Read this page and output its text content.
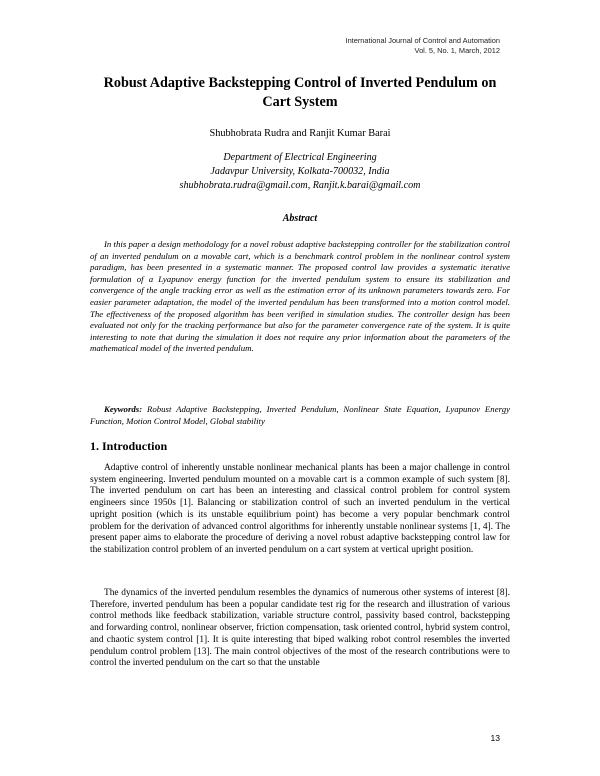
International Journal of Control and Automation
Vol. 5, No. 1, March, 2012
Robust Adaptive Backstepping Control of Inverted Pendulum on Cart System
Shubhobrata Rudra and Ranjit Kumar Barai
Department of Electrical Engineering
Jadavpur University, Kolkata-700032, India
shubhobrata.rudra@gmail.com, Ranjit.k.barai@gmail.com
Abstract
In this paper a design methodology for a novel robust adaptive backstepping controller for the stabilization control of an inverted pendulum on a movable cart, which is a benchmark control problem in the nonlinear control system paradigm, has been presented in a systematic manner. The proposed control law provides a systematic iterative formulation of a Lyapunov energy function for the inverted pendulum system to ensure its stabilization and convergence of the angle tracking error as well as the estimation error of its unknown parameters towards zero. For easier parameter adaptation, the model of the inverted pendulum has been transformed into a motion control model. The effectiveness of the proposed algorithm has been verified in simulation studies. The controller design has been evaluated not only for the tracking performance but also for the parameter convergence rate of the system. It is quite interesting to note that during the simulation it does not require any prior information about the parameters of the mathematical model of the inverted pendulum.
Keywords: Robust Adaptive Backstepping, Inverted Pendulum, Nonlinear State Equation, Lyapunov Energy Function, Motion Control Model, Global stability
1. Introduction

Adaptive control of inherently unstable nonlinear mechanical plants has been a major challenge in control system engineering. Inverted pendulum mounted on a movable cart is a common example of such system [8]. The inverted pendulum on cart has been an interesting and classical control problem for control system engineers since 1950s [1]. Balancing or stabilization control of such an inverted pendulum in the vertical upright position (which is its unstable equilibrium point) has become a very popular benchmark control problem for the derivation of advanced control algorithms for inherently unstable nonlinear systems [1, 4]. The present paper aims to elaborate the procedure of deriving a novel robust adaptive backstepping control law for the stabilization control problem of an inverted pendulum on a cart system at vertical upright position.

The dynamics of the inverted pendulum resembles the dynamics of numerous other systems of interest [8]. Therefore, inverted pendulum has been a popular candidate test rig for the research and illustration of various control methods like feedback stabilization, variable structure control, passivity based control, backstepping and forwarding control, nonlinear observer, friction compensation, task oriented control, hybrid system control, and chaotic system control [1]. It is quite interesting that biped walking robot control resembles the inverted pendulum control problem [13]. The main control objectives of the most of the research contributions were to control the inverted pendulum on the cart so that the unstable

13
